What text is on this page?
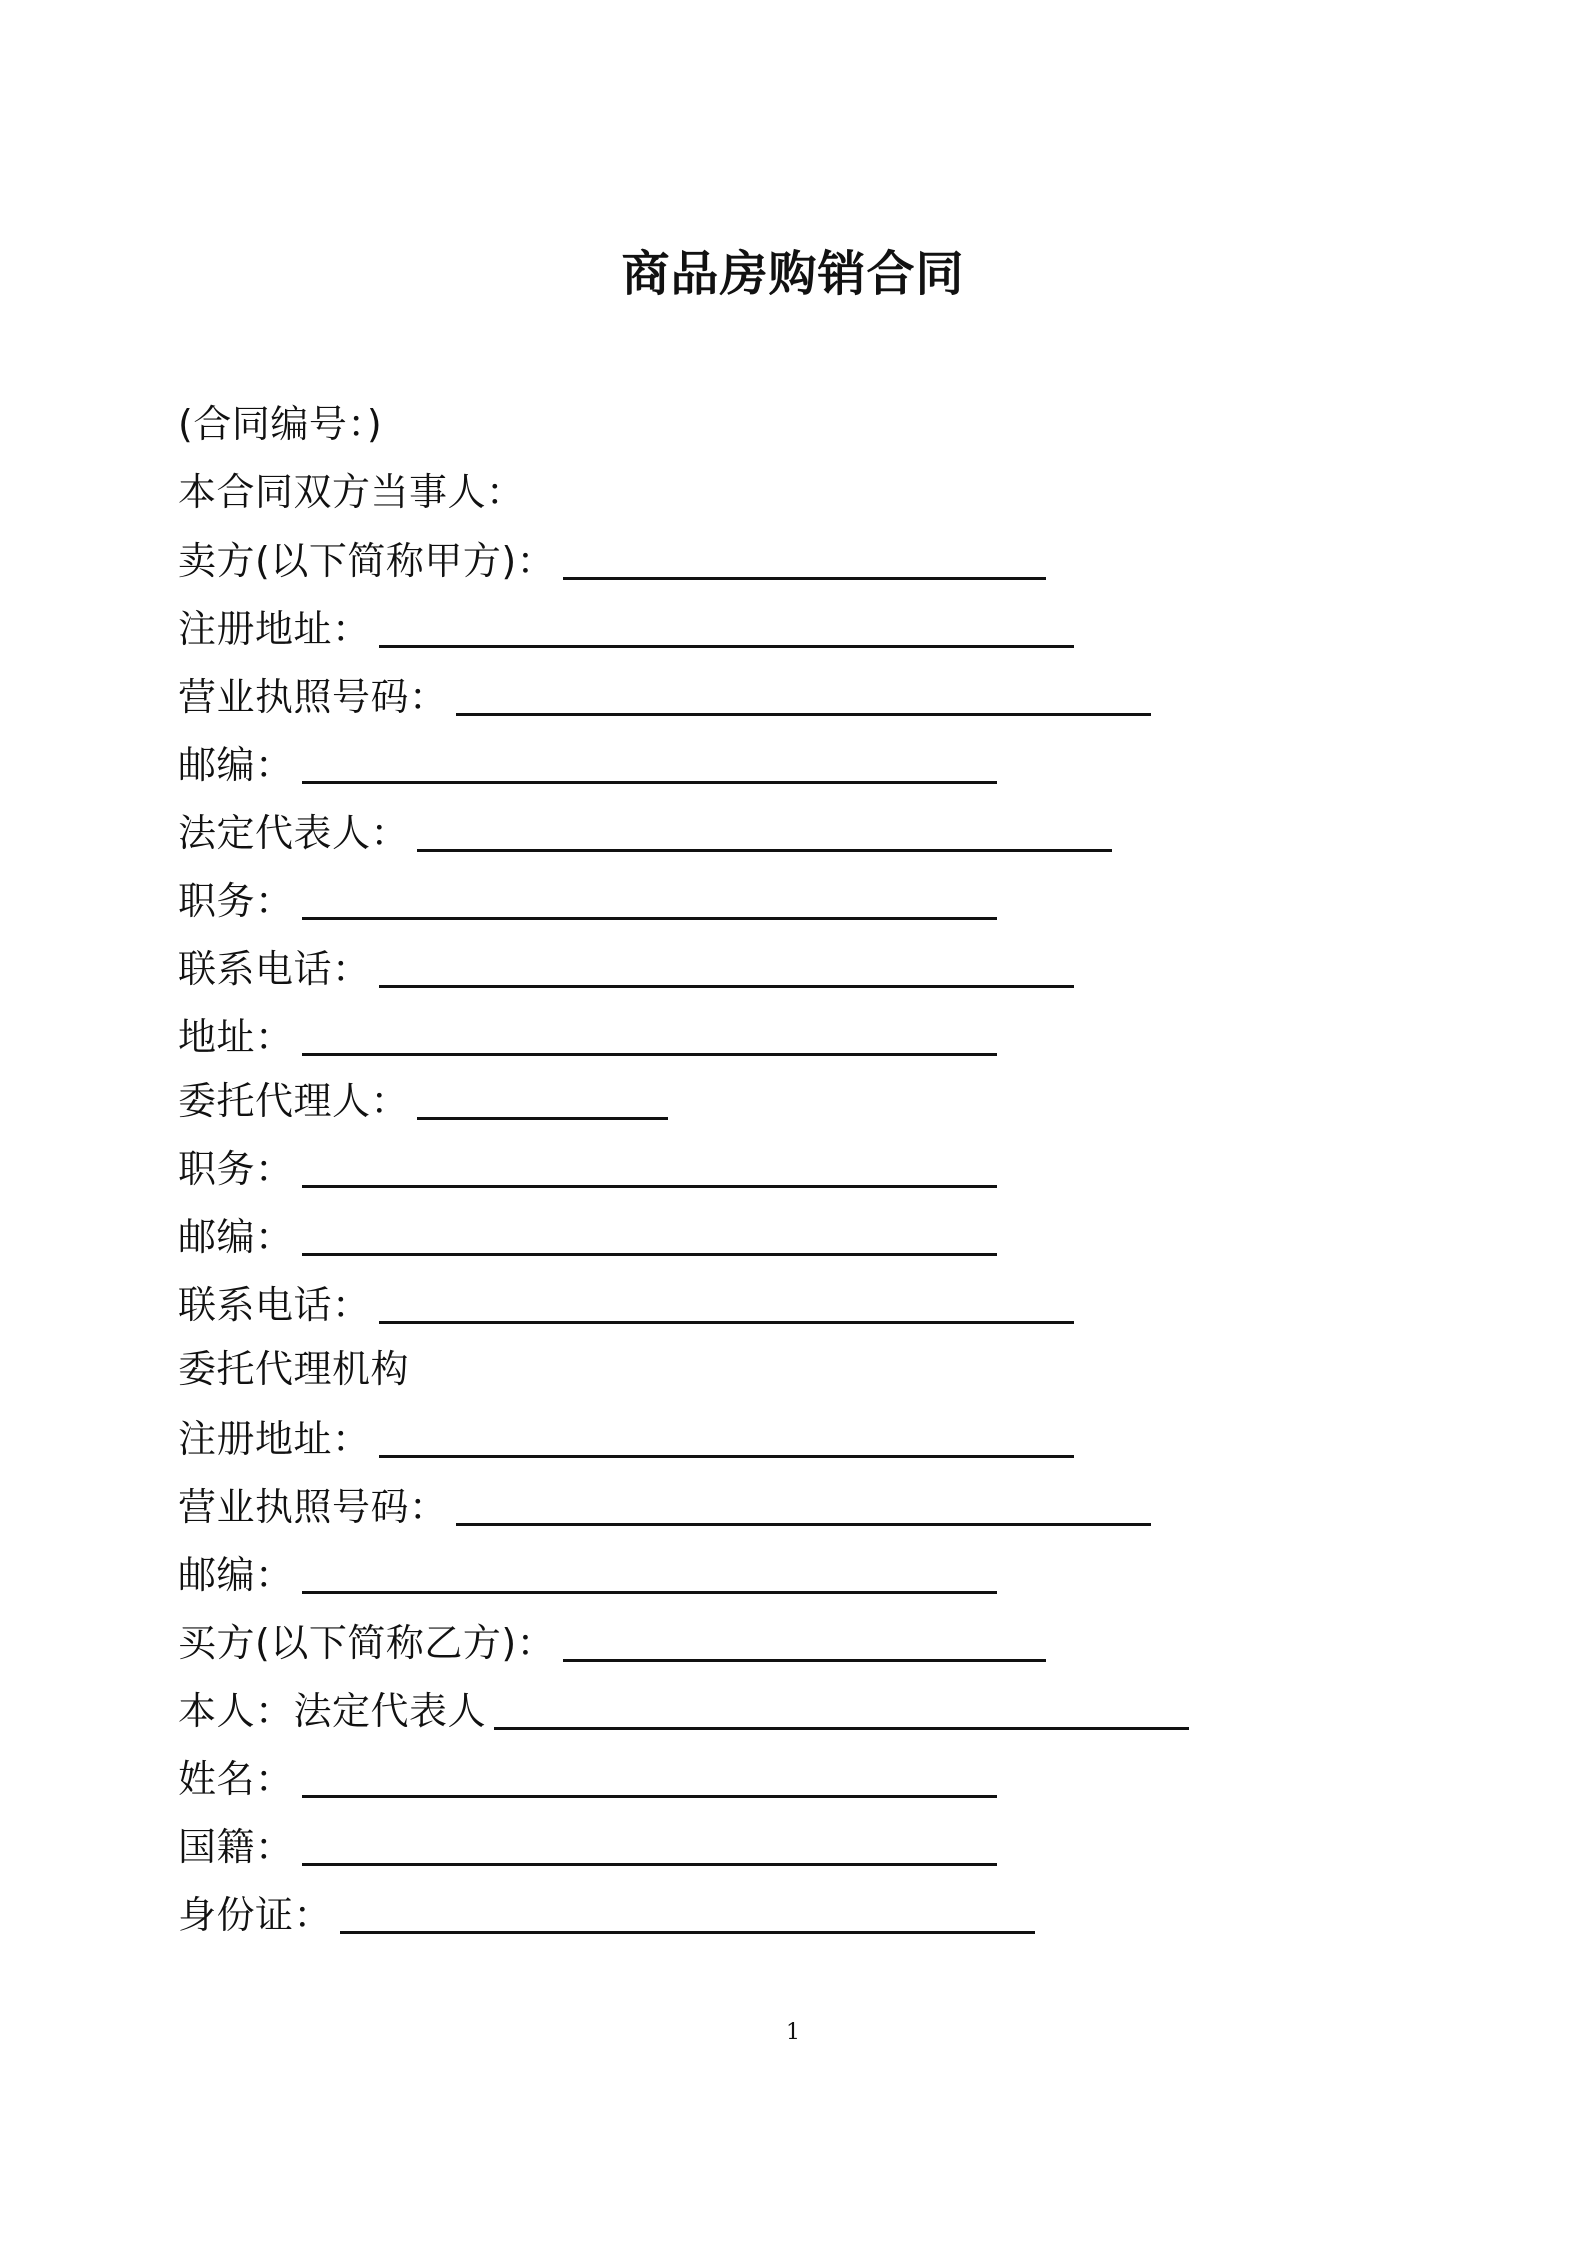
商品房购销合同
(合同编号：)
本合同双方当事人：
卖方(以下简称甲方)：
注册地址：
营业执照号码：
邮编：
法定代表人：
职务：
联系电话：
地址：
委托代理人：
职务：
邮编：
联系电话：
委托代理机构
注册地址：
营业执照号码：
邮编：
买方(以下简称乙方)：
本人：法定代表人
姓名：
国籍：
身份证：
1
